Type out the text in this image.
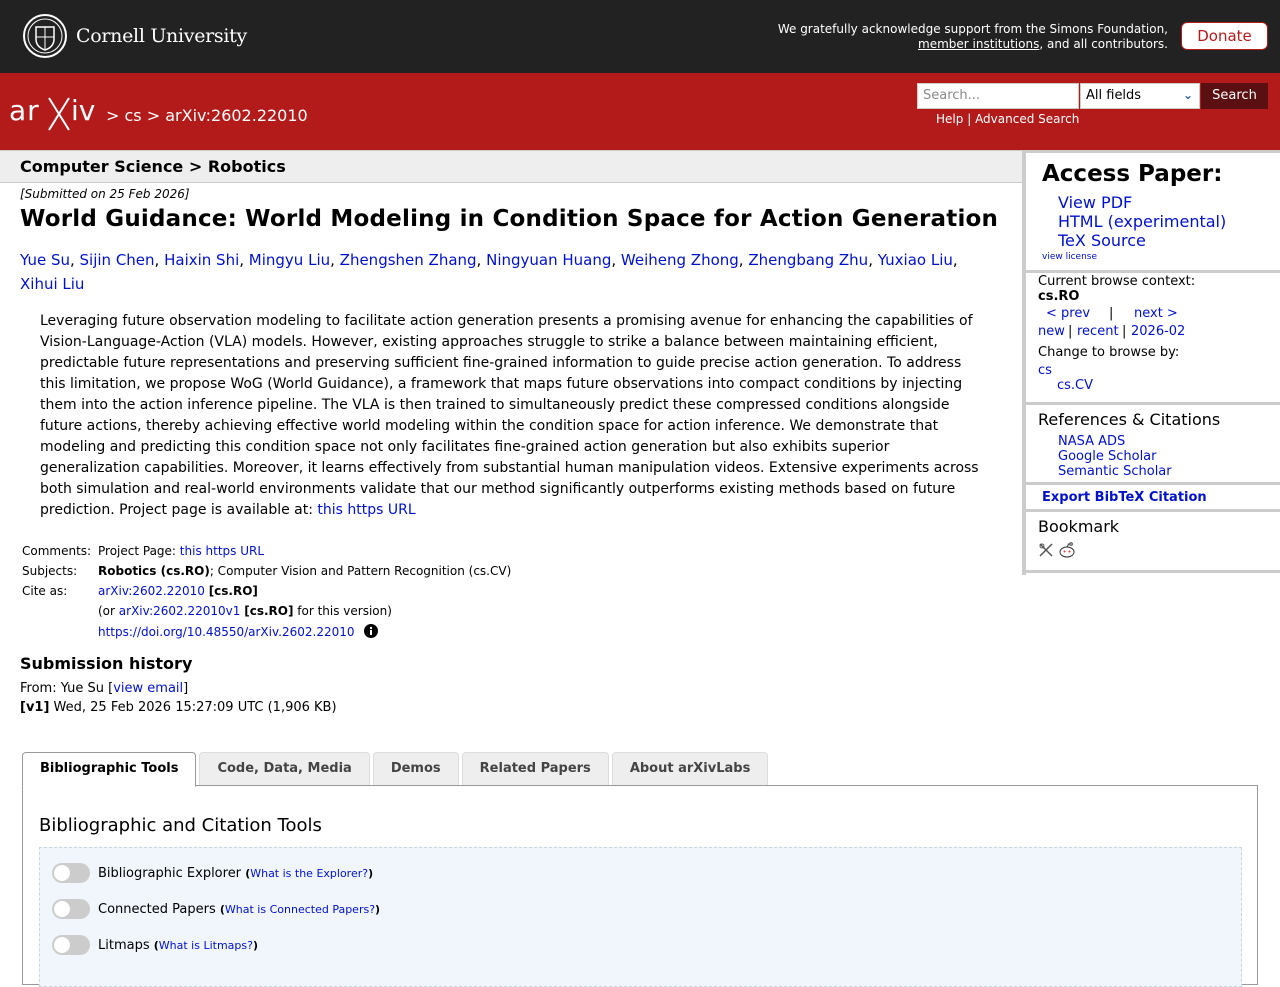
Cornell University	We gratefully acknowledge support from the Simons Foundation,
member institutions, and all contributors.	Donate
ar iv > cs > arXiv:2602.22010
Search...	All fields	⌄	Search
Help | Advanced Search
Computer Science > Robotics
[Submitted on 25 Feb 2026]
World Guidance: World Modeling in Condition Space for Action Generation
Yue Su, Sijin Chen, Haixin Shi, Mingyu Liu, Zhengshen Zhang, Ningyuan Huang, Weiheng Zhong, Zhengbang Zhu, Yuxiao Liu,
Xihui Liu
Leveraging future observation modeling to facilitate action generation presents a promising avenue for enhancing the capabilities of Vision-Language-Action (VLA) models. However, existing approaches struggle to strike a balance between maintaining efficient, predictable future representations and preserving sufficient fine-grained information to guide precise action generation. To address this limitation, we propose WoG (World Guidance), a framework that maps future observations into compact conditions by injecting them into the action inference pipeline. The VLA is then trained to simultaneously predict these compressed conditions alongside future actions, thereby achieving effective world modeling within the condition space for action inference. We demonstrate that modeling and predicting this condition space not only facilitates fine-grained action generation but also exhibits superior generalization capabilities. Moreover, it learns effectively from substantial human manipulation videos. Extensive experiments across both simulation and real-world environments validate that our method significantly outperforms existing methods based on future prediction. Project page is available at: this https URL
Comments:	Project Page: this https URL
Subjects:	Robotics (cs.RO); Computer Vision and Pattern Recognition (cs.CV)
Cite as:	arXiv:2602.22010 [cs.RO]
	(or arXiv:2602.22010v1 [cs.RO] for this version)
	https://doi.org/10.48550/arXiv.2602.22010
Submission history
From: Yue Su [view email]
[v1] Wed, 25 Feb 2026 15:27:09 UTC (1,906 KB)
Bibliographic Tools	Code, Data, Media	Demos	Related Papers	About arXivLabs
Bibliographic and Citation Tools
Bibliographic Explorer
( What is the Explorer? )
Connected Papers
( What is Connected Papers? )
Litmaps
( What is Litmaps? )
Access Paper:
View PDF
HTML (experimental)
TeX Source
view license
Current browse context:
cs.RO
< prev | next >
new | recent | 2026-02
Change to browse by:
cs
cs.CV
References & Citations
NASA ADS
Google Scholar
Semantic Scholar
Export BibTeX Citation
Bookmark
